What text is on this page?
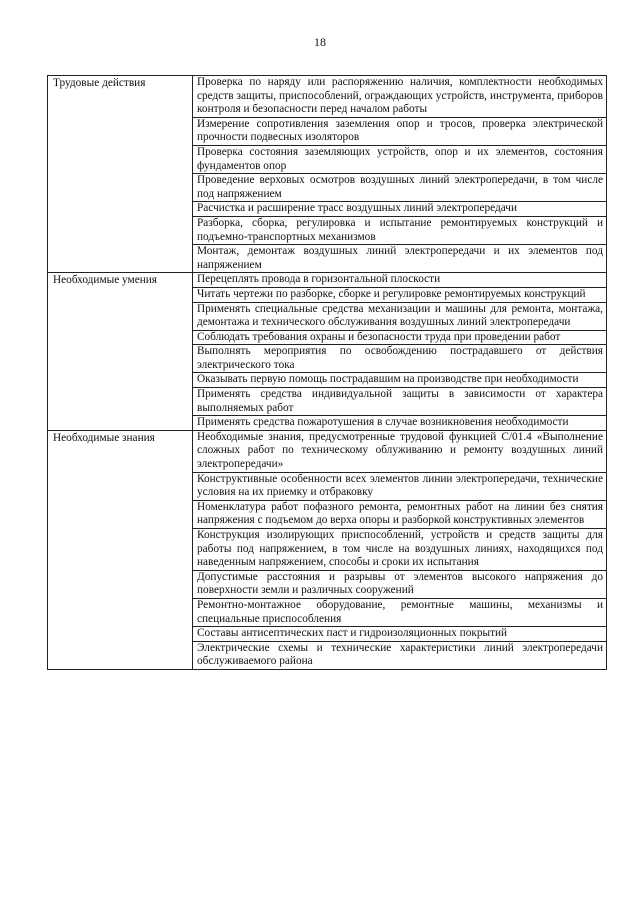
18
Трудовые действия	Проверка по наряду или распоряжению наличия, комплектности необходимых средств защиты, приспособлений, ограждающих устройств, инструмента, приборов контроля и безопасности перед началом работы
	Измерение сопротивления заземления опор и тросов, проверка электрической прочности подвесных изоляторов
	Проверка состояния заземляющих устройств, опор и их элементов, состояния фундаментов опор
	Проведение верховых осмотров воздушных линий электропередачи, в том числе под напряжением
	Расчистка и расширение трасс воздушных линий электропередачи
	Разборка, сборка, регулировка и испытание ремонтируемых конструкций и подъемно-транспортных механизмов
	Монтаж, демонтаж воздушных линий электропередачи и их элементов под напряжением
Необходимые умения	Перецеплять провода в горизонтальной плоскости
	Читать чертежи по разборке, сборке и регулировке ремонтируемых конструкций
	Применять специальные средства механизации и машины для ремонта, монтажа, демонтажа и технического обслуживания воздушных линий электропередачи
	Соблюдать требования охраны и безопасности труда при проведении работ
	Выполнять мероприятия по освобождению пострадавшего от действия электрического тока
	Оказывать первую помощь пострадавшим на производстве при необходимости
	Применять средства индивидуальной защиты в зависимости от характера выполняемых работ
	Применять средства пожаротушения в случае возникновения необходимости
Необходимые знания	Необходимые знания, предусмотренные трудовой функцией С/01.4 «Выполнение сложных работ по техническому облуживанию и ремонту воздушных линий электропередачи»
	Конструктивные особенности всех элементов линии электропередачи, технические условия на их приемку и отбраковку
	Номенклатура работ пофазного ремонта, ремонтных работ на линии без снятия напряжения с подъемом до верха опоры и разборкой конструктивных элементов
	Конструкция изолирующих приспособлений, устройств и средств защиты для работы под напряжением, в том числе на воздушных линиях, находящихся под наведенным напряжением, способы и сроки их испытания
	Допустимые расстояния и разрывы от элементов высокого напряжения до поверхности земли и различных сооружений
	Ремонтно-монтажное оборудование, ремонтные машины, механизмы и специальные приспособления
	Составы антисептических паст и гидроизоляционных покрытий
	Электрические схемы и технические характеристики линий электропередачи обслуживаемого района
